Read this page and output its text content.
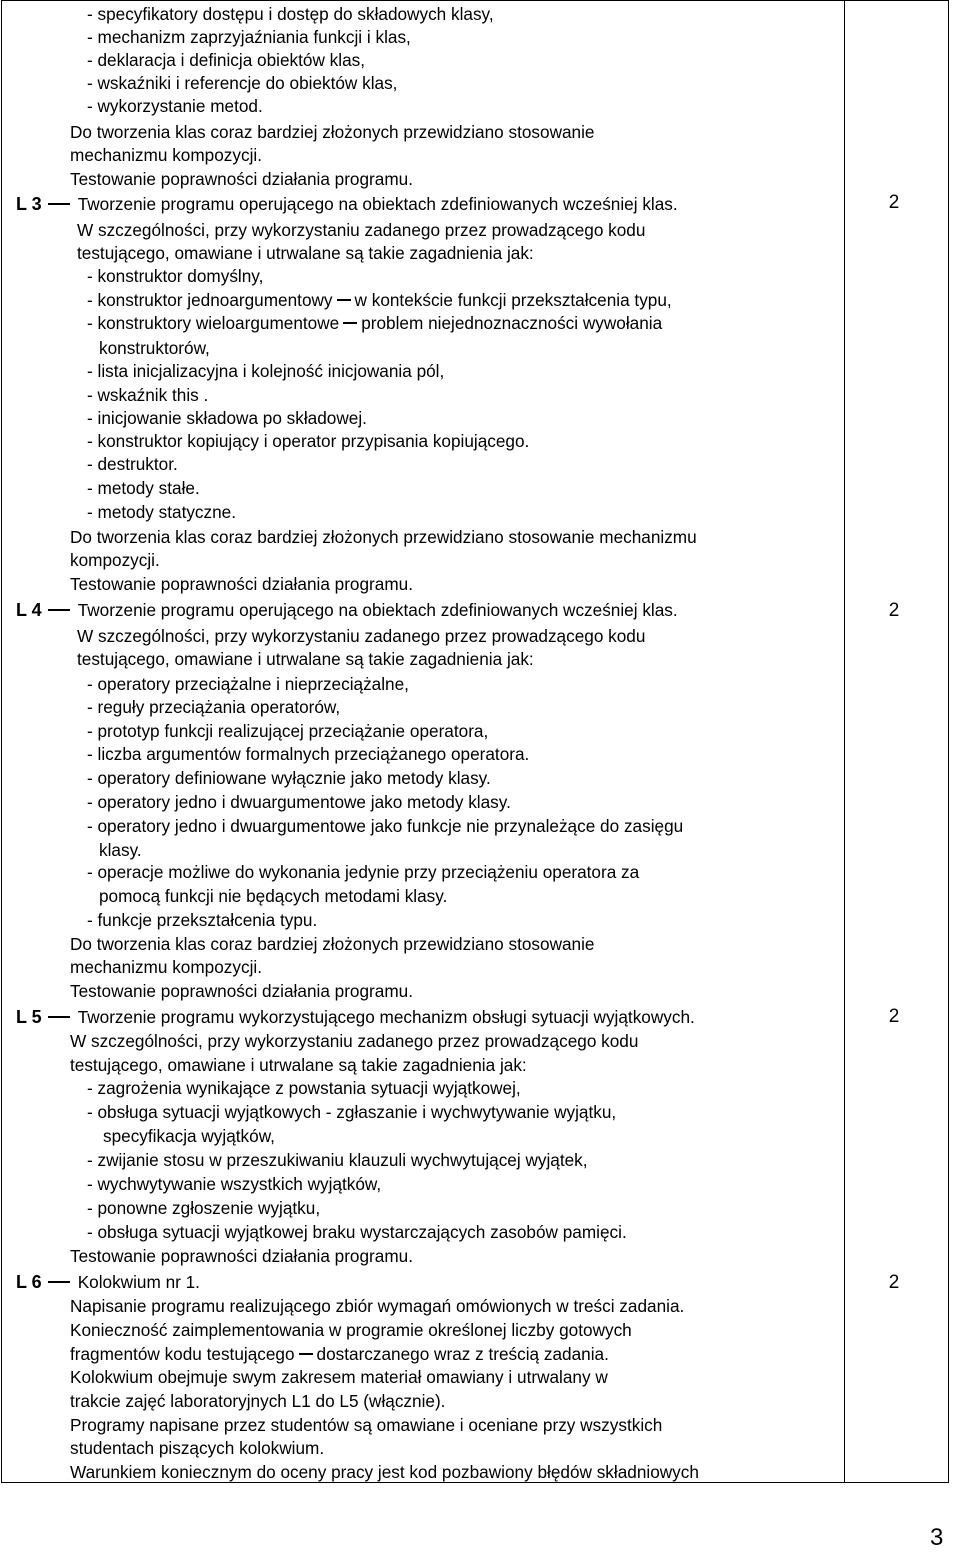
- specyfikatory dostępu i dostęp do składowych klasy,
- mechanizm zaprzyjaźniania funkcji i klas,
- deklaracja i definicja obiektów klas,
- wskaźniki i referencje do obiektów klas,
- wykorzystanie metod.
Do tworzenia klas coraz bardziej złożonych przewidziano stosowanie
mechanizmu kompozycji.
Testowanie poprawności działania programu.
L 3 Tworzenie programu operującego na obiektach zdefiniowanych wcześniej klas.
W szczególności, przy wykorzystaniu zadanego przez prowadzącego kodu
testującego, omawiane i utrwalane są takie zagadnienia jak:
- konstruktor domyślny,
- konstruktor jednoargumentowy w kontekście funkcji przekształcenia typu,
- konstruktory wieloargumentowe problem niejednoznaczności wywołania
konstruktorów,
- lista inicjalizacyjna i kolejność inicjowania pól,
- wskaźnik this .
- inicjowanie składowa po składowej.
- konstruktor kopiujący i operator przypisania kopiującego.
- destruktor.
- metody stałe.
- metody statyczne.
Do tworzenia klas coraz bardziej złożonych przewidziano stosowanie mechanizmu
kompozycji.
Testowanie poprawności działania programu.
L 4 Tworzenie programu operującego na obiektach zdefiniowanych wcześniej klas.
W szczególności, przy wykorzystaniu zadanego przez prowadzącego kodu
testującego, omawiane i utrwalane są takie zagadnienia jak:
- operatory przeciążalne i nieprzeciążalne,
- reguły przeciążania operatorów,
- prototyp funkcji realizującej przeciążanie operatora,
- liczba argumentów formalnych przeciążanego operatora.
- operatory definiowane wyłącznie jako metody klasy.
- operatory jedno i dwuargumentowe jako metody klasy.
- operatory jedno i dwuargumentowe jako funkcje nie przynależące do zasięgu
klasy.
- operacje możliwe do wykonania jedynie przy przeciążeniu operatora za
pomocą funkcji nie będących metodami klasy.
- funkcje przekształcenia typu.
Do tworzenia klas coraz bardziej złożonych przewidziano stosowanie
mechanizmu kompozycji.
Testowanie poprawności działania programu.
L 5 Tworzenie programu wykorzystującego mechanizm obsługi sytuacji wyjątkowych.
W szczególności, przy wykorzystaniu zadanego przez prowadzącego kodu
testującego, omawiane i utrwalane są takie zagadnienia jak:
- zagrożenia wynikające z powstania sytuacji wyjątkowej,
- obsługa sytuacji wyjątkowych - zgłaszanie i wychwytywanie wyjątku,
specyfikacja wyjątków,
- zwijanie stosu w przeszukiwaniu klauzuli wychwytującej wyjątek,
- wychwytywanie wszystkich wyjątków,
- ponowne zgłoszenie wyjątku,
- obsługa sytuacji wyjątkowej braku wystarczających zasobów pamięci.
Testowanie poprawności działania programu.
L 6 Kolokwium nr 1.
Napisanie programu realizującego zbiór wymagań omówionych w treści zadania.
Konieczność zaimplementowania w programie określonej liczby gotowych
fragmentów kodu testującego dostarczanego wraz z treścią zadania.
Kolokwium obejmuje swym zakresem materiał omawiany i utrwalany w
trakcie zajęć laboratoryjnych L1 do L5 (włącznie).
Programy napisane przez studentów są omawiane i oceniane przy wszystkich
studentach piszących kolokwium.
Warunkiem koniecznym do oceny pracy jest kod pozbawiony błędów składniowych
2
2
2
2
3
